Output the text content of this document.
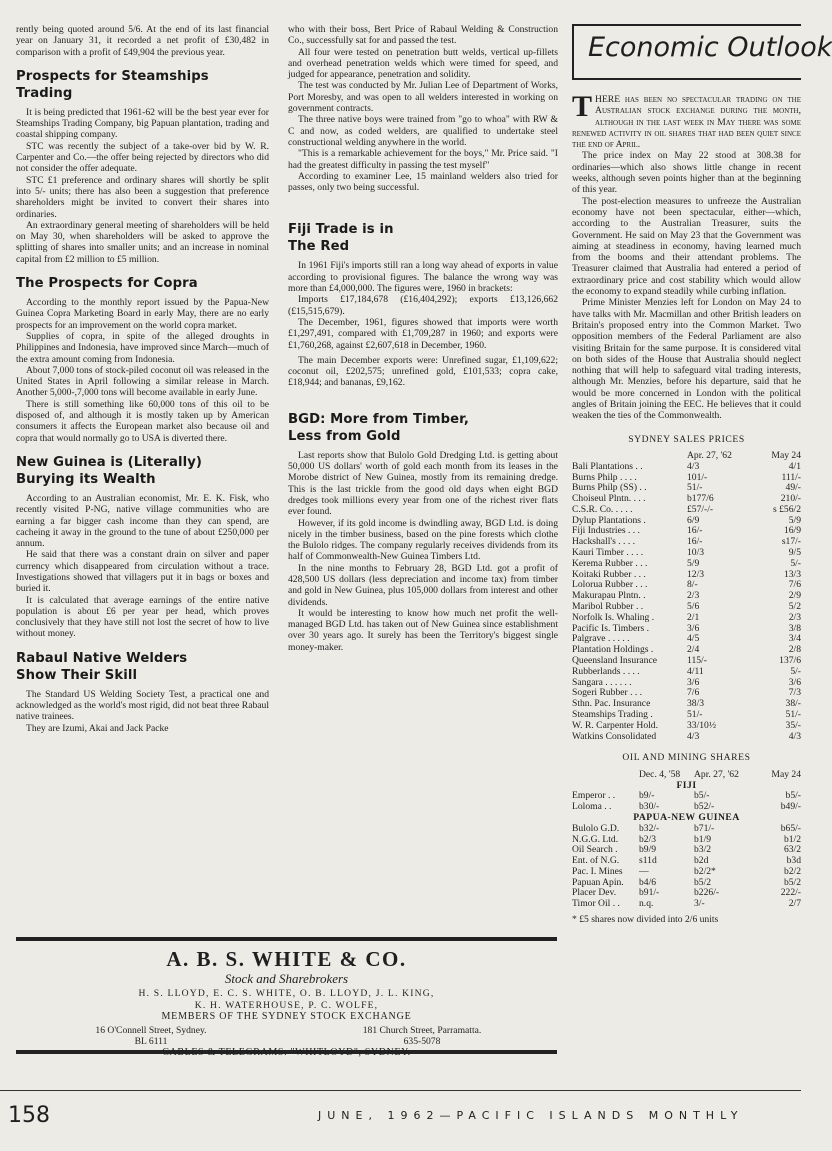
rently being quoted around 5/6. At the end of its last financial year on January 31, it recorded a net profit of £30,482 in comparison with a profit of £49,904 the previous year.

Prospects for Steamships Trading

It is being predicted that 1961-62 will be the best year ever for Steamships Trading Company, big Papuan plantation, trading and coastal shipping company.

STC was recently the subject of a take-over bid by W. R. Carpenter and Co.—the offer being rejected by directors who did not consider the offer adequate.

STC £1 preference and ordinary shares will shortly be split into 5/- units; there has also been a suggestion that preference shareholders might be invited to convert their shares into ordinaries.

An extraordinary general meeting of shareholders will be held on May 30, when shareholders will be asked to approve the splitting of shares into smaller units; and an increase in nominal capital from £2 million to £5 million.

The Prospects for Copra

According to the monthly report issued by the Papua-New Guinea Copra Marketing Board in early May, there are no early prospects for an improvement on the world copra market.

Supplies of copra, in spite of the alleged droughts in Philippines and Indonesia, have improved since March—much of the extra amount coming from Indonesia.

About 7,000 tons of stock-piled coconut oil was released in the United States in April following a similar release in March. Another 5,000-,7,000 tons will become available in early June.

There is still something like 60,000 tons of this oil to be disposed of, and although it is mostly taken up by American consumers it affects the European market also because oil and copra that would normally go to USA is diverted there.

New Guinea is (Literally)
Burying its Wealth

According to an Australian economist, Mr. E. K. Fisk, who recently visited P-NG, native village communities who are earning a far bigger cash income than they can spend, are cacheing it away in the ground to the tune of about £250,000 per annum.

He said that there was a constant drain on silver and paper currency which disappeared from circulation without a trace. Investigations showed that villagers put it in bags or boxes and buried it.

It is calculated that average earnings of the entire native population is about £6 per year per head, which proves conclusively that they have still not lost the secret of how to live without money.

Rabaul Native Welders
Show Their Skill

The Standard US Welding Society Test, a practical one and acknowledged as the world's most rigid, did not beat three Rabaul native trainees.

They are Izumi, Akai and Jack Packe

who with their boss, Bert Price of Rabaul Welding & Construction Co., successfully sat for and passed the test.

All four were tested on penetration butt welds, vertical up-fillets and overhead penetration welds which were timed for speed, and judged for appearance, penetration and solidity.

The test was conducted by Mr. Julian Lee of Department of Works, Port Moresby, and was open to all welders interested in working on government contracts.

The three native boys were trained from "go to whoa" with RW & C and now, as coded welders, are qualified to undertake steel constructional welding anywhere in the world.

"This is a remarkable achievement for the boys," Mr. Price said. "I had the greatest difficulty in passing the test myself"

According to examiner Lee, 15 mainland welders also tried for passes, only two being successful.

Fiji Trade is in
The Red

In 1961 Fiji's imports still ran a long way ahead of exports in value according to provisional figures. The balance the wrong way was more than £4,000,000. The figures were, 1960 in brackets:

Imports £17,184,678 (£16,404,292); exports £13,126,662 (£15,515,679).

The December, 1961, figures showed that imports were worth £1,297,491, compared with £1,709,287 in 1960; and exports were £1,760,268, against £2,607,618 in December, 1960.

The main December exports were: Unrefined sugar, £1,109,622; coconut oil, £202,575; unrefined gold, £101,533; copra cake, £18,944; and bananas, £9,162.

BGD: More from Timber,
Less from Gold

Last reports show that Bulolo Gold Dredging Ltd. is getting about 50,000 US dollars' worth of gold each month from its leases in the Morobe district of New Guinea, mostly from its remaining dredge. This is the last trickle from the good old days when eight BGD dredges took millions every year from one of the richest river flats ever found.

However, if its gold income is dwindling away, BGD Ltd. is doing nicely in the timber business, based on the pine forests which clothe the Bulolo ridges. The company regularly receives dividends from its half of Commonwealth-New Guinea Timbers Ltd.

In the nine months to February 28, BGD Ltd. got a profit of 428,500 US dollars (less depreciation and income tax) from timber and gold in New Guinea, plus 105,000 dollars from interest and other dividends.

It would be interesting to know how much net profit the well-managed BGD Ltd. has taken out of New Guinea since establishment over 30 years ago. It surely has been the Territory's biggest single money-maker.

Economic Outlook

THERE has been no spectacular trading on the Australian stock exchange during the month, although in the last week in May there was some renewed activity in oil shares that had been quiet since the end of April.

The price index on May 22 stood at 308.38 for ordinaries—which also shows little change in recent weeks, although seven points higher than at the beginning of this year.

The post-election measures to unfreeze the Australian economy have not been spectacular, either—which, according to the Australian Treasurer, suits the Government. He said on May 23 that the Government was aiming at steadiness in economy, having learned much from the booms and their attendant problems. The Treasurer claimed that Australia had entered a period of extraordinary price and cost stability which would allow the economy to expand steadily while curbing inflation.

Prime Minister Menzies left for London on May 24 to have talks with Mr. Macmillan and other British leaders on Britain's proposed entry into the Common Market. Two opposition members of the Federal Parliament are also visiting Britain for the same purpose. It is considered vital on both sides of the House that Australia should neglect nothing that will help to safeguard vital trading interests, although Mr. Menzies, before his departure, said that he would be more concerned in London with the political angles of Britain joining the EEC. He believes that it could weaken the ties of the Commonwealth.

SYDNEY SALES PRICES
	Apr. 27, '62	May 24
Bali Plantations . .	4/3	4/1
Burns Philp . . . .	101/-	111/-
Burns Philp (SS) . .	51/-	49/-
Choiseul Plntn. . . .	b177/6	210/-
C.S.R. Co. . . . .	£57/-/-	s £56/2
Dylup Plantations .	6/9	5/9
Fiji Industries . . .	16/-	16/9
Hackshall's . . . .	16/-	s17/-
Kauri Timber . . . .	10/3	9/5
Kerema Rubber . . .	5/9	5/-
Koitaki Rubber . . .	12/3	13/3
Lolorua Rubber . . .	8/-	7/6
Makurapau Plntn. .	2/3	2/9
Maribol Rubber . .	5/6	5/2
Norfolk Is. Whaling .	2/1	2/3
Pacific Is. Timbers .	3/6	3/8
Palgrave . . . . .	4/5	3/4
Plantation Holdings .	2/4	2/8
Queensland Insurance	115/-	137/6
Rubberlands . . . .	4/11	5/-
Sangara . . . . . .	3/6	3/6
Sogeri Rubber . . .	7/6	7/3
Sthn. Pac. Insurance	38/3	38/-
Steamships Trading .	51/-	51/-
W. R. Carpenter Hold.	33/10½	35/-
Watkins Consolidated	4/3	4/3
OIL AND MINING SHARES
	Dec. 4, '58	Apr. 27, '62	May 24
FIJI			
Emperor . .	b9/-	b5/-	b5/-
Loloma . .	b30/-	b52/-	b49/-
PAPUA-NEW GUINEA			
Bulolo G.D.	b32/-	b71/-	b65/-
N.G.G. Ltd.	b2/3	b1/9	b1/2
Oil Search .	b9/9	b3/2	63/2
Ent. of N.G.	s11d	b2d	b3d
Pac. I. Mines	—	b2/2*	b2/2
Papuan Apin.	b4/6	b5/2	b5/2
Placer Dev.	b91/-	b226/-	222/-
Timor Oil . .	n.q.	3/-	2/7
* £5 shares now divided into 2/6 units
A. B. S. WHITE & CO.
Stock and Sharebrokers
H. S. LLOYD, E. C. S. WHITE, O. B. LLOYD, J. L. KING,
K. H. WATERHOUSE, P. C. WOLFE,
MEMBERS OF THE SYDNEY STOCK EXCHANGE
16 O'Connell Street, Sydney.
BL 6111
181 Church Street, Parramatta.
635-5078
CABLES & TELEGRAMS: "WHITLOYD", SYDNEY.
158	JUNE, 1962—PACIFIC ISLANDS MONTHLY
